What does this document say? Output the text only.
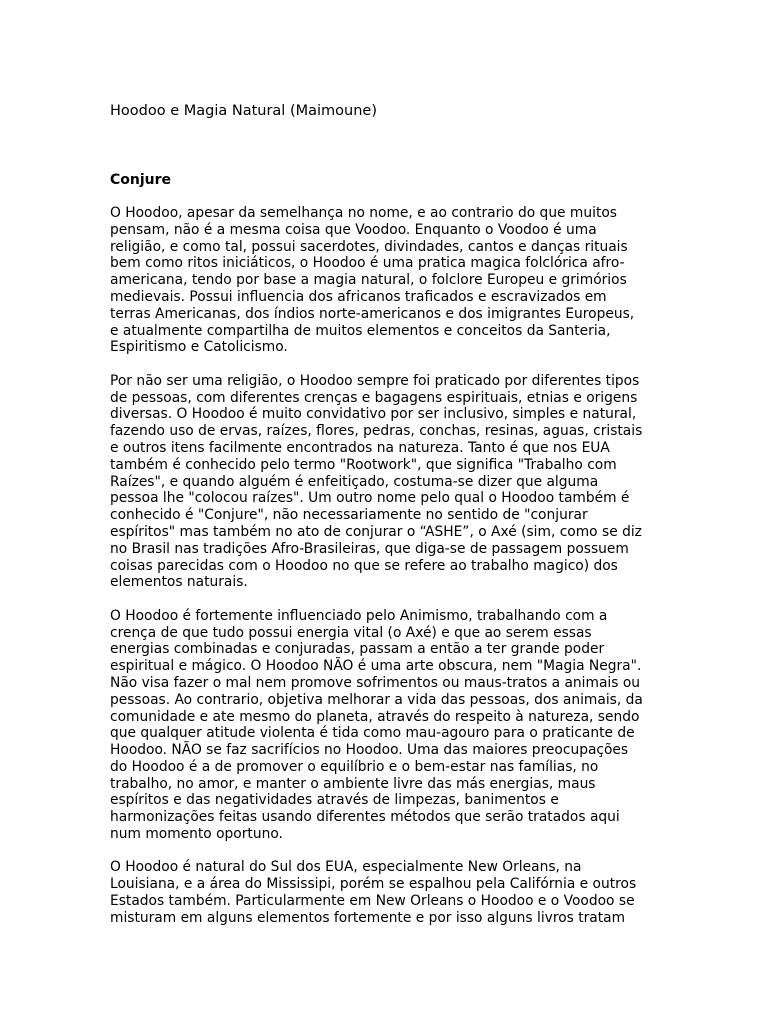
Hoodoo e Magia Natural (Maimoune)
Conjure

O Hoodoo, apesar da semelhança no nome, e ao contrario do que muitos
pensam, não é a mesma coisa que Voodoo. Enquanto o Voodoo é uma
religião, e como tal, possui sacerdotes, divindades, cantos e danças rituais
bem como ritos iniciáticos, o Hoodoo é uma pratica magica folclórica afro-
americana, tendo por base a magia natural, o folclore Europeu e grimórios
medievais. Possui influencia dos africanos traficados e escravizados em
terras Americanas, dos índios norte-americanos e dos imigrantes Europeus,
e atualmente compartilha de muitos elementos e conceitos da Santeria,
Espiritismo e Catolicismo.

Por não ser uma religião, o Hoodoo sempre foi praticado por diferentes tipos
de pessoas, com diferentes crenças e bagagens espirituais, etnias e origens
diversas. O Hoodoo é muito convidativo por ser inclusivo, simples e natural,
fazendo uso de ervas, raízes, flores, pedras, conchas, resinas, aguas, cristais
e outros itens facilmente encontrados na natureza. Tanto é que nos EUA
também é conhecido pelo termo "Rootwork", que significa "Trabalho com
Raízes", e quando alguém é enfeitiçado, costuma-se dizer que alguma
pessoa lhe "colocou raízes". Um outro nome pelo qual o Hoodoo também é
conhecido é "Conjure", não necessariamente no sentido de "conjurar
espíritos" mas também no ato de conjurar o “ASHE”, o Axé (sim, como se diz
no Brasil nas tradições Afro-Brasileiras, que diga-se de passagem possuem
coisas parecidas com o Hoodoo no que se refere ao trabalho magico) dos
elementos naturais.

O Hoodoo é fortemente influenciado pelo Animismo, trabalhando com a
crença de que tudo possui energia vital (o Axé) e que ao serem essas
energias combinadas e conjuradas, passam a então a ter grande poder
espiritual e mágico. O Hoodoo NÃO é uma arte obscura, nem "Magia Negra".
Não visa fazer o mal nem promove sofrimentos ou maus-tratos a animais ou
pessoas. Ao contrario, objetiva melhorar a vida das pessoas, dos animais, da
comunidade e ate mesmo do planeta, através do respeito à natureza, sendo
que qualquer atitude violenta é tida como mau-agouro para o praticante de
Hoodoo. NÃO se faz sacrifícios no Hoodoo. Uma das maiores preocupações
do Hoodoo é a de promover o equilíbrio e o bem-estar nas famílias, no
trabalho, no amor, e manter o ambiente livre das más energias, maus
espíritos e das negatividades através de limpezas, banimentos e
harmonizações feitas usando diferentes métodos que serão tratados aqui
num momento oportuno.

O Hoodoo é natural do Sul dos EUA, especialmente New Orleans, na
Louisiana, e a área do Mississipi, porém se espalhou pela Califórnia e outros
Estados também. Particularmente em New Orleans o Hoodoo e o Voodoo se
misturam em alguns elementos fortemente e por isso alguns livros tratam
